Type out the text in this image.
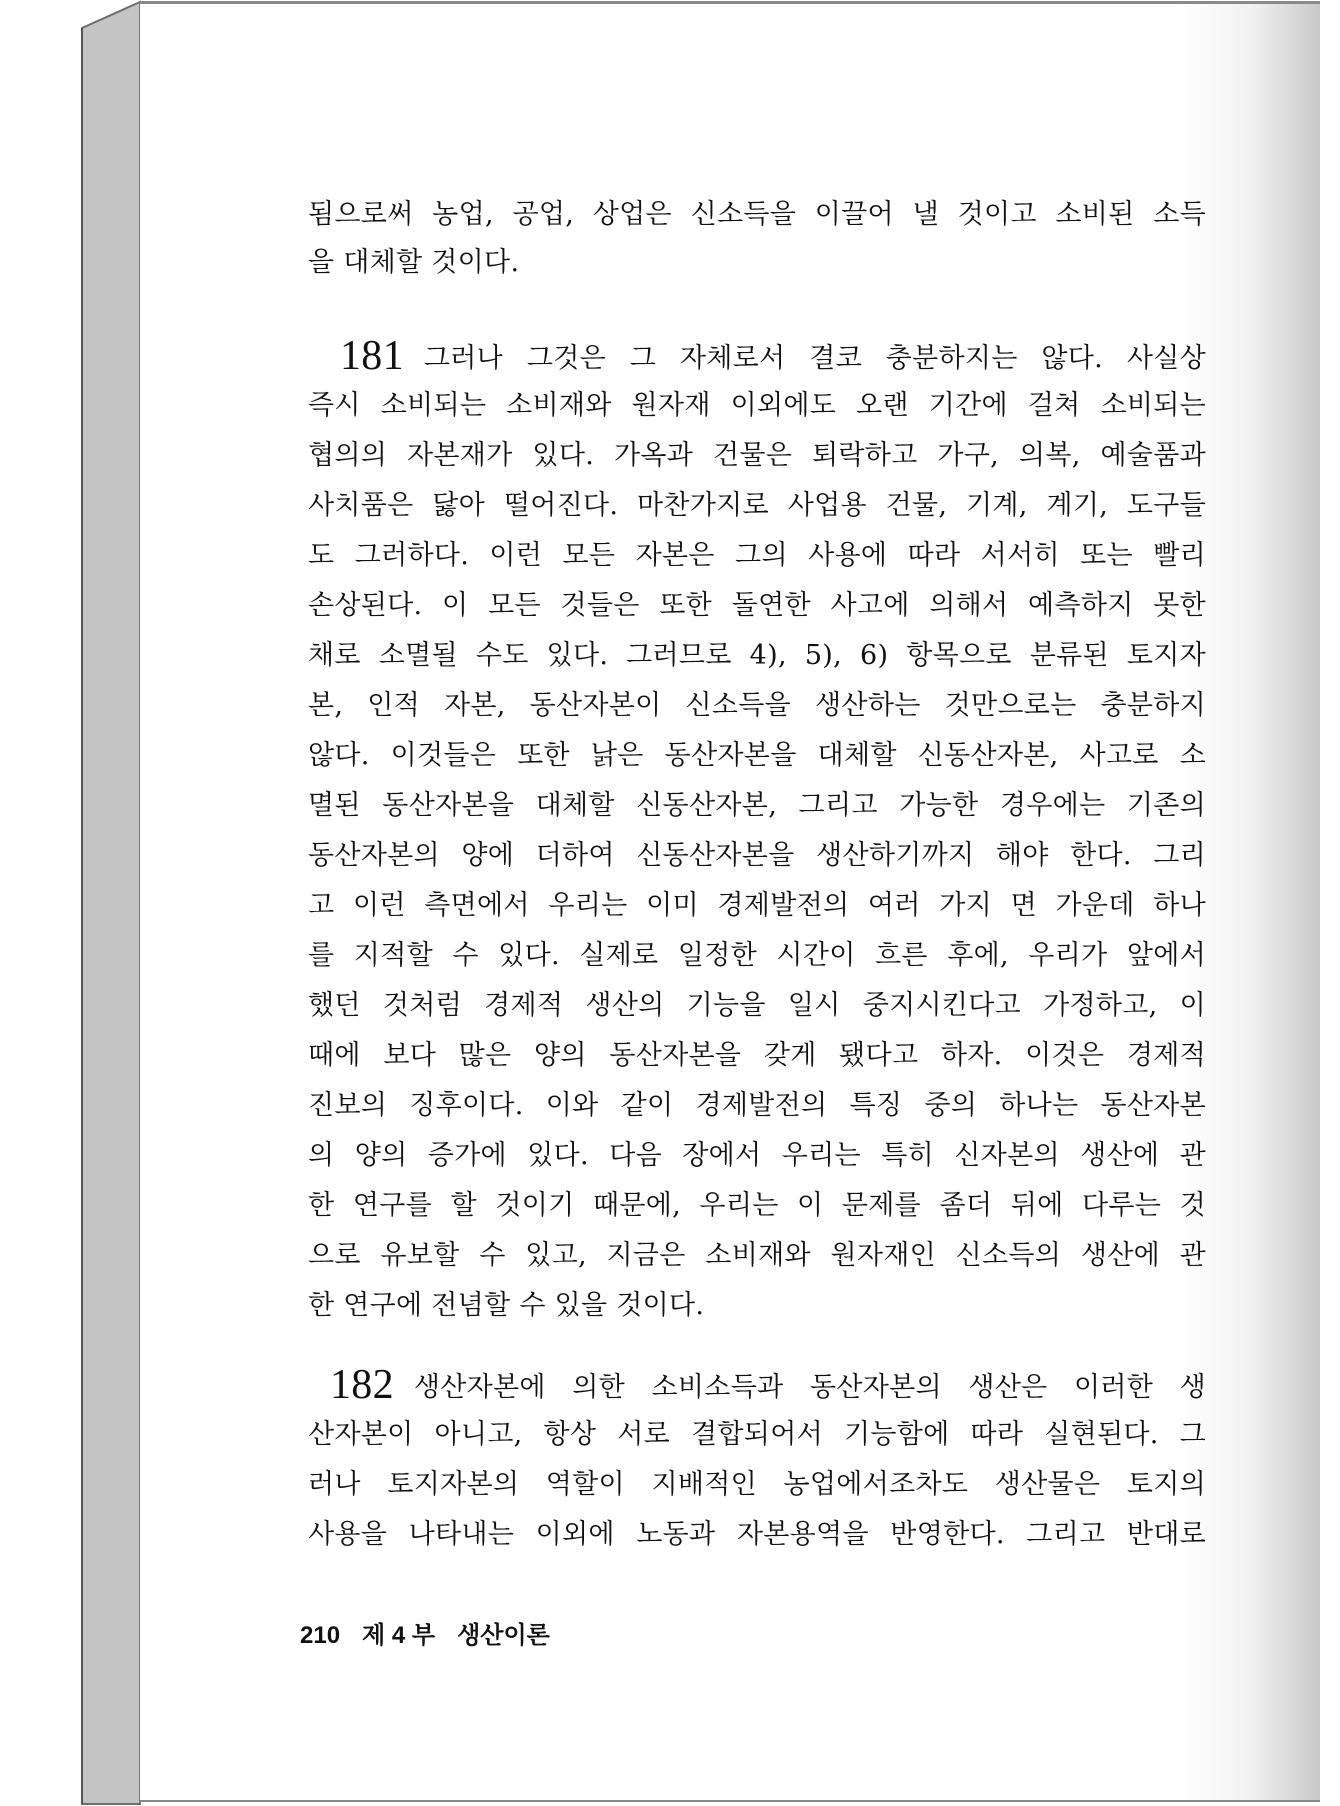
됨으로써 농업, 공업, 상업은 신소득을 이끌어 낼 것이고 소비된 소득
을 대체할 것이다.
181 그러나 그것은 그 자체로서 결코 충분하지는 않다. 사실상
즉시 소비되는 소비재와 원자재 이외에도 오랜 기간에 걸쳐 소비되는
협의의 자본재가 있다. 가옥과 건물은 퇴락하고 가구, 의복, 예술품과
사치품은 닳아 떨어진다. 마찬가지로 사업용 건물, 기계, 계기, 도구들
도 그러하다. 이런 모든 자본은 그의 사용에 따라 서서히 또는 빨리
손상된다. 이 모든 것들은 또한 돌연한 사고에 의해서 예측하지 못한
채로 소멸될 수도 있다. 그러므로 4), 5), 6) 항목으로 분류된 토지자
본, 인적 자본, 동산자본이 신소득을 생산하는 것만으로는 충분하지
않다. 이것들은 또한 낡은 동산자본을 대체할 신동산자본, 사고로 소
멸된 동산자본을 대체할 신동산자본, 그리고 가능한 경우에는 기존의
동산자본의 양에 더하여 신동산자본을 생산하기까지 해야 한다. 그리
고 이런 측면에서 우리는 이미 경제발전의 여러 가지 면 가운데 하나
를 지적할 수 있다. 실제로 일정한 시간이 흐른 후에, 우리가 앞에서
했던 것처럼 경제적 생산의 기능을 일시 중지시킨다고 가정하고, 이
때에 보다 많은 양의 동산자본을 갖게 됐다고 하자. 이것은 경제적
진보의 징후이다. 이와 같이 경제발전의 특징 중의 하나는 동산자본
의 양의 증가에 있다. 다음 장에서 우리는 특히 신자본의 생산에 관
한 연구를 할 것이기 때문에, 우리는 이 문제를 좀더 뒤에 다루는 것
으로 유보할 수 있고, 지금은 소비재와 원자재인 신소득의 생산에 관
한 연구에 전념할 수 있을 것이다.
182 생산자본에 의한 소비소득과 동산자본의 생산은 이러한 생
산자본이 아니고, 항상 서로 결합되어서 기능함에 따라 실현된다. 그
러나 토지자본의 역할이 지배적인 농업에서조차도 생산물은 토지의
사용을 나타내는 이외에 노동과 자본용역을 반영한다. 그리고 반대로
210 제 4 부 생산이론
